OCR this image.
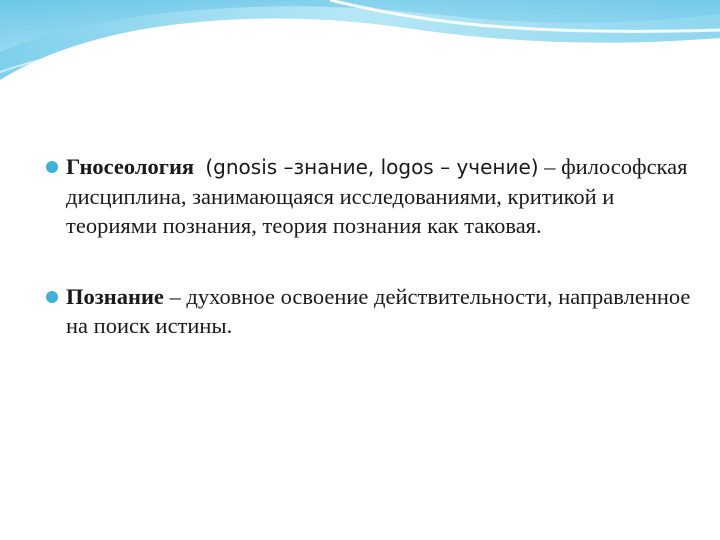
Гносеология (gnosis –знание, logos – учение) – философская дисциплина, занимающаяся исследованиями, критикой и теориями познания, теория познания как таковая.
Познание – духовное освоение действительности, направленное на поиск истины.
